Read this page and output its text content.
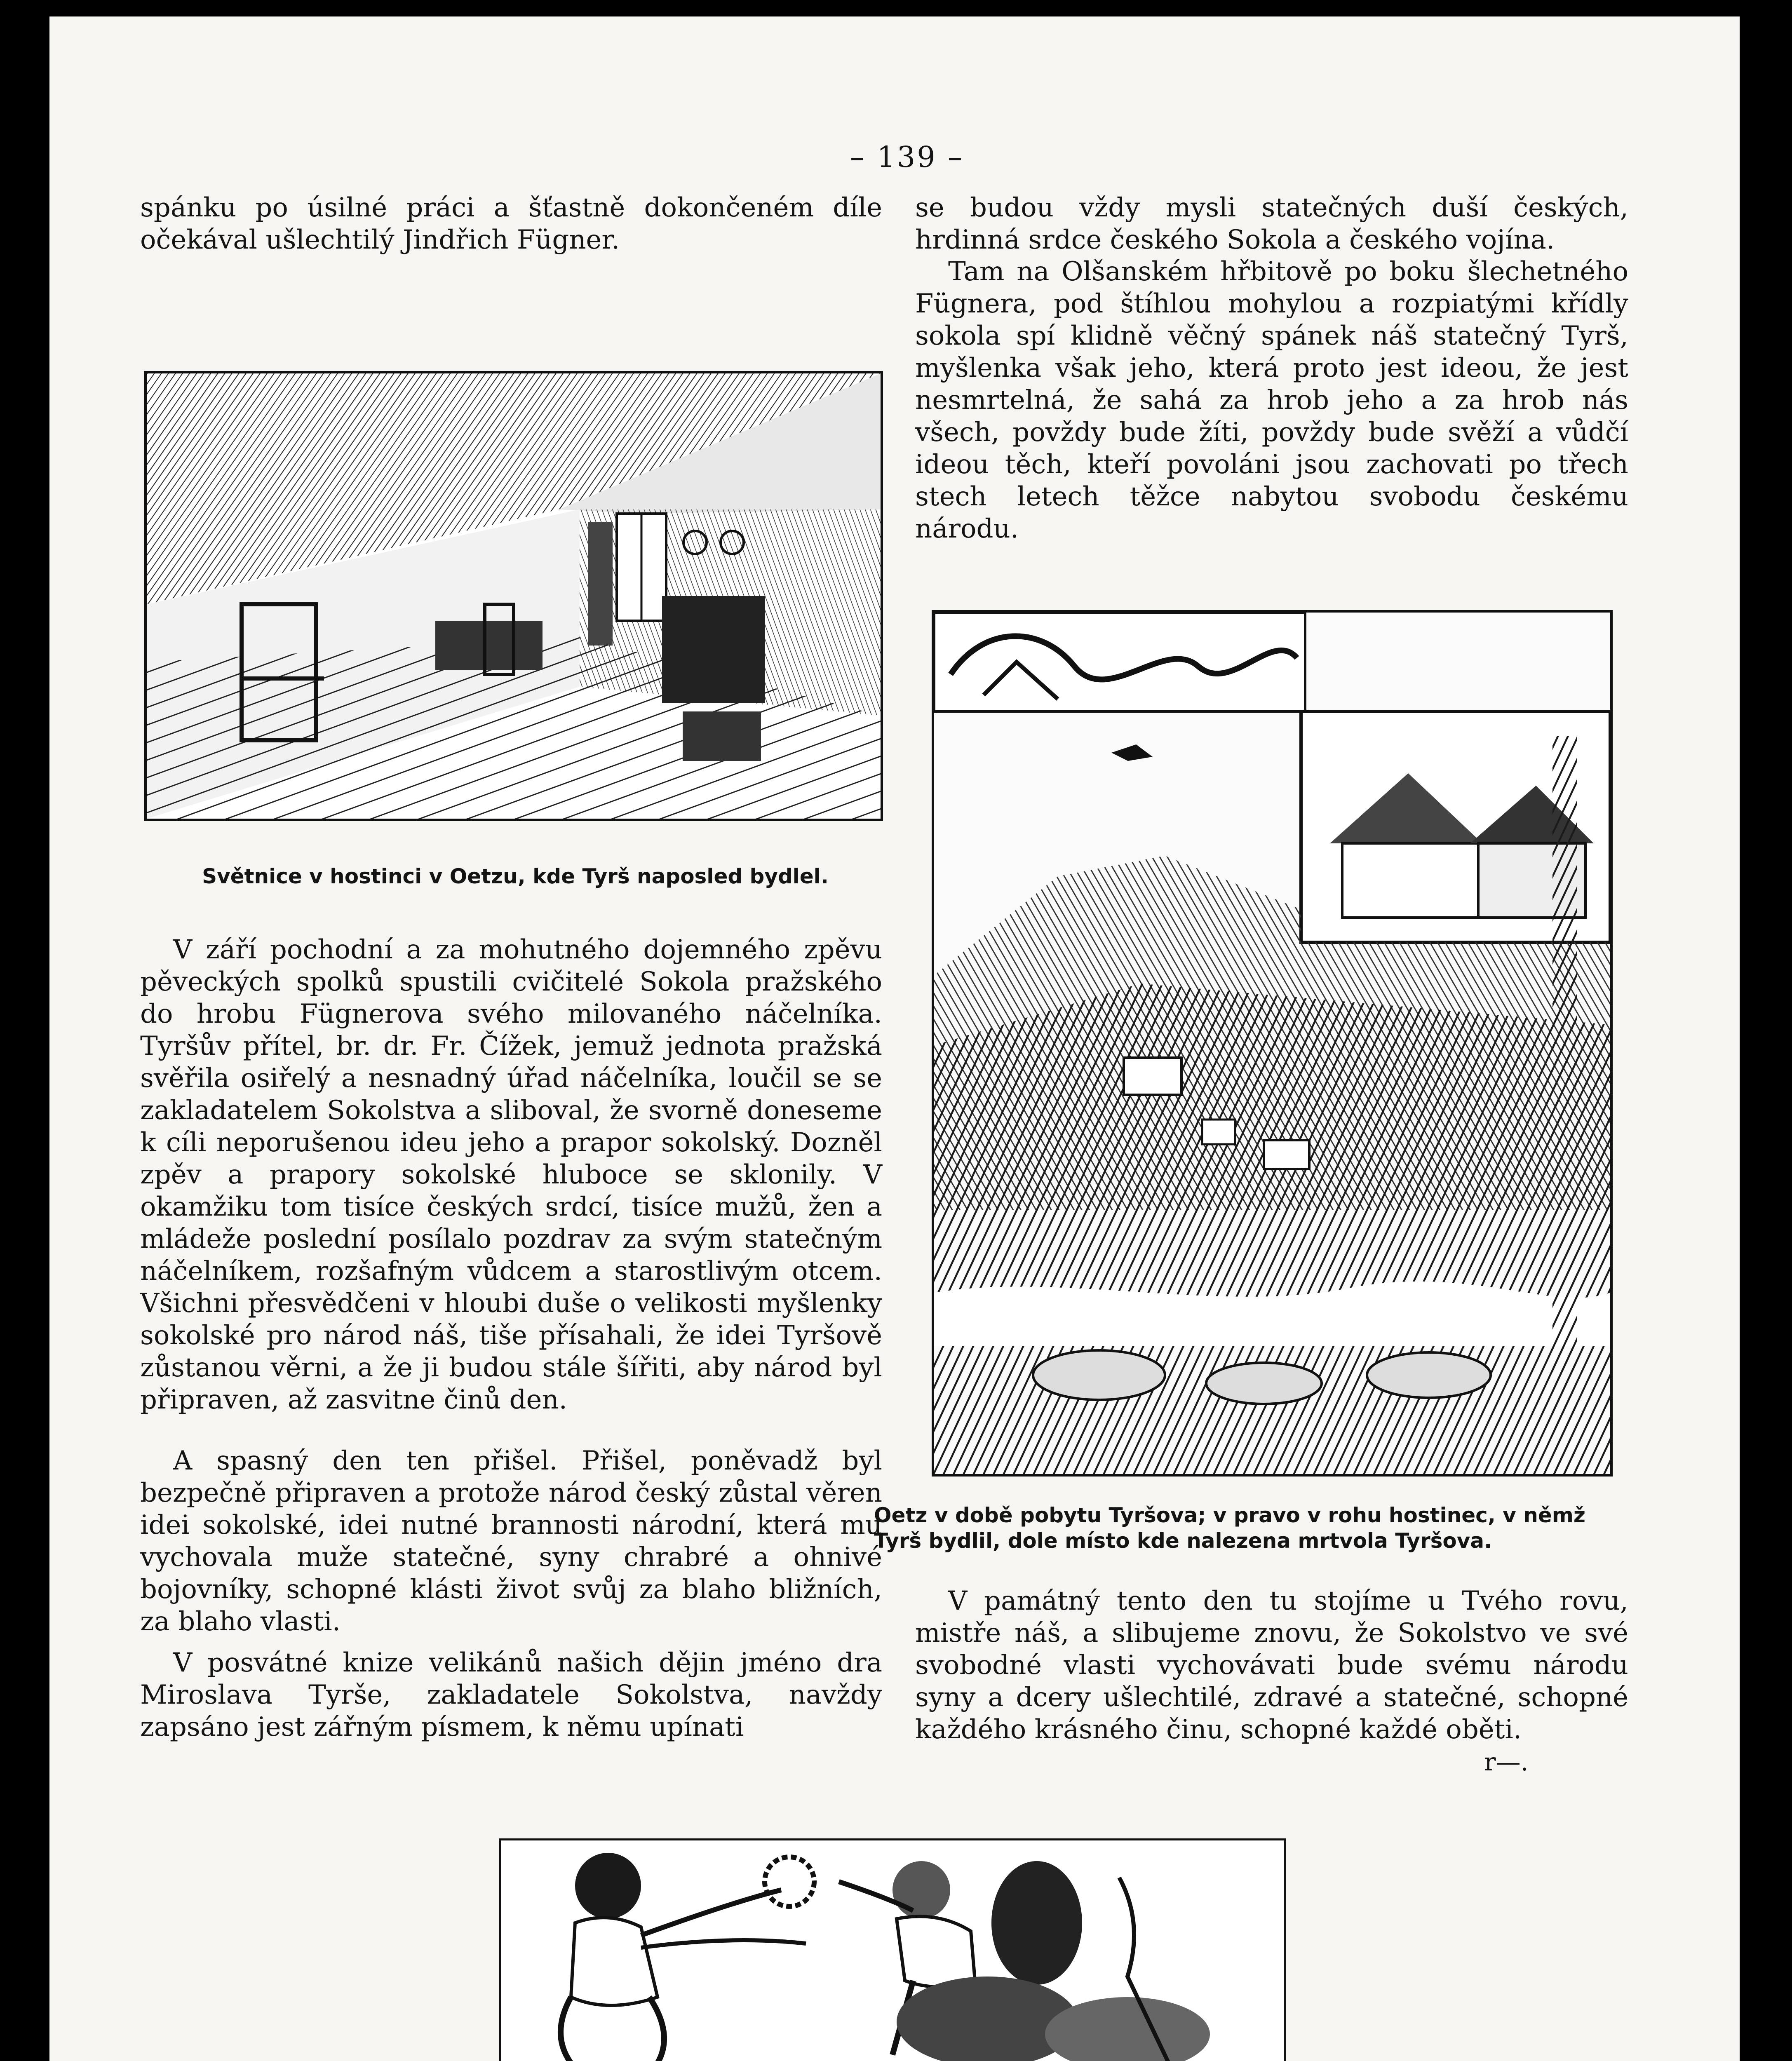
– 139 –

spánku po úsilné práci a šťastně dokončeném díle očekával ušlechtilý Jindřich Fügner.

Světnice v hostinci v Oetzu, kde Tyrš naposled bydlel.

V září pochodní a za mohutného dojemného zpěvu pěveckých spolků spustili cvičitelé Sokola pražského do hrobu Fügnerova svého milovaného náčelníka. Tyršův přítel, br. dr. Fr. Čížek, jemuž jednota pražská svěřila osiřelý a nesnadný úřad náčelníka, loučil se se zakladatelem Sokolstva a sliboval, že svorně doneseme k cíli neporušenou ideu jeho a prapor sokolský. Dozněl zpěv a prapory sokolské hluboce se sklonily. V okamžiku tom tisíce českých srdcí, tisíce mužů, žen a mládeže poslední posílalo pozdrav za svým statečným náčelníkem, rozšafným vůdcem a starostlivým otcem. Všichni přesvědčeni v hloubi duše o velikosti myšlenky sokolské pro národ náš, tiše přísahali, že idei Tyršově zůstanou věrni, a že ji budou stále šířiti, aby národ byl připraven, až zasvitne činů den.

A spasný den ten přišel. Přišel, poněvadž byl bezpečně připraven a protože národ český zůstal věren idei sokolské, idei nutné brannosti národní, která mu vychovala muže statečné, syny chrabré a ohnivé bojovníky, schopné klásti život svůj za blaho bližních, za blaho vlasti.

V posvátné knize velikánů našich dějin jméno dra Miroslava Tyrše, zakladatele Sokolstva, navždy zapsáno jest zářným písmem, k němu upínati

se budou vždy mysli statečných duší českých, hrdinná srdce českého Sokola a českého vojína.

Tam na Olšanském hřbitově po boku šlechetného Fügnera, pod štíhlou mohylou a rozpiatými křídly sokola spí klidně věčný spánek náš statečný Tyrš, myšlenka však jeho, která proto jest ideou, že jest nesmrtelná, že sahá za hrob jeho a za hrob nás všech, povždy bude žíti, povždy bude svěží a vůdčí ideou těch, kteří povoláni jsou zachovati po třech stech letech těžce nabytou svobodu českému národu.

Oetz v době pobytu Tyršova; v pravo v rohu hostinec, v němž Tyrš bydlil, dole místo kde nalezena mrtvola Tyršova.

V památný tento den tu stojíme u Tvého rovu, mistře náš, a slibujeme znovu, že Sokolstvo ve své svobodné vlasti vychovávati bude svému národu syny a dcery ušlechtilé, zdravé a statečné, schopné každého krásného činu, schopné každé oběti.

r—.
